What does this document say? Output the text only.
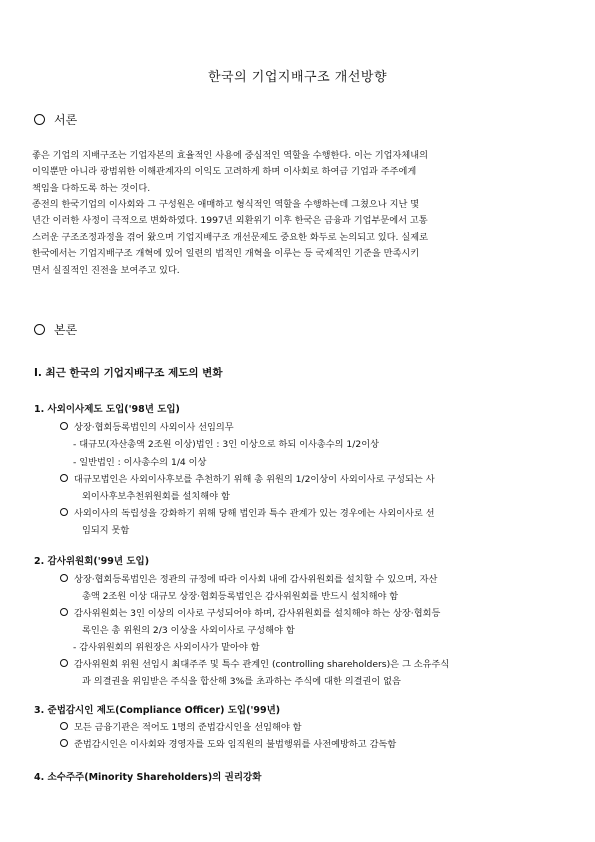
한국의 기업지배구조 개선방향
서론
좋은 기업의 지배구조는 기업자본의 효율적인 사용에 중심적인 역할을 수행한다. 이는 기업자체내의
이익뿐만 아니라 광범위한 이해관계자의 이익도 고려하게 하며 이사회로 하여금 기업과 주주에게
책임을 다하도록 하는 것이다.
종전의 한국기업의 이사회와 그 구성원은 애매하고 형식적인 역할을 수행하는데 그쳤으나 지난 몇
년간 이러한 사정이 극적으로 변화하였다. 1997년 외환위기 이후 한국은 금융과 기업부문에서 고통
스러운 구조조정과정을 겪어 왔으며 기업지배구조 개선문제도 중요한 화두로 논의되고 있다. 실제로
한국에서는 기업지배구조 개혁에 있어 일련의 법적인 개혁을 이루는 등 국제적인 기준을 만족시키
면서 실질적인 진전을 보여주고 있다.
본론
Ⅰ. 최근 한국의 기업지배구조 제도의 변화
1. 사외이사제도 도입('98년 도입)
상장·협회등록법인의 사외이사 선임의무
- 대규모(자산총액 2조원 이상)법인 : 3인 이상으로 하되 이사총수의 1/2이상
- 일반법인 : 이사총수의 1/4 이상
대규모법인은 사외이사후보를 추천하기 위해 총 위원의 1/2이상이 사외이사로 구성되는 사
외이사후보추천위원회를 설치해야 함
사외이사의 독립성을 강화하기 위해 당해 법인과 특수 관계가 있는 경우에는 사외이사로 선
임되지 못함
2. 감사위원회('99년 도입)
상장·협회등록법인은 정관의 규정에 따라 이사회 내에 감사위원회를 설치할 수 있으며, 자산
총액 2조원 이상 대규모 상장·협회등록법인은 감사위원회를 반드시 설치해야 함
감사위원회는 3인 이상의 이사로 구성되어야 하며, 감사위원회를 설치해야 하는 상장·협회등
록인은 총 위원의 2/3 이상을 사외이사로 구성해야 함
- 감사위원회의 위원장은 사외이사가 맡아야 함
감사위원회 위원 선임시 최대주주 및 특수 관계인 (controlling shareholders)은 그 소유주식
과 의결권을 위임받은 주식을 합산해 3%를 초과하는 주식에 대한 의결권이 없음
3. 준법감시인 제도(Compliance Officer) 도입('99년)
모든 금융기관은 적어도 1명의 준법감시인을 선임해야 함
준법감시인은 이사회와 경영자를 도와 임직원의 불법행위를 사전예방하고 감독함
4. 소수주주(Minority Shareholders)의 권리강화
